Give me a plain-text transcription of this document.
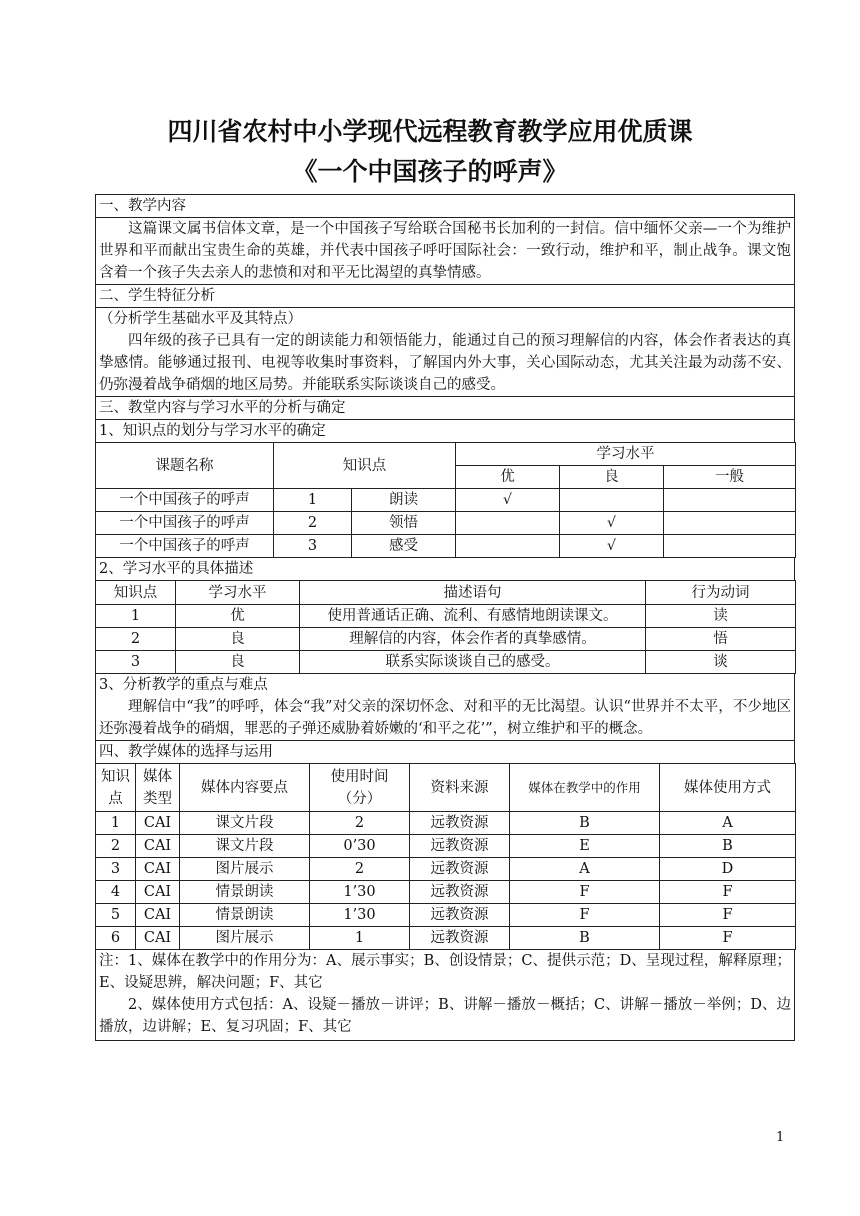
四川省农村中小学现代远程教育教学应用优质课
《一个中国孩子的呼声》
一、教学内容

这篇课文属书信体文章，是一个中国孩子写给联合国秘书长加利的一封信。信中缅怀父亲—一个为维护世界和平而献出宝贵生命的英雄，并代表中国孩子呼吁国际社会：一致行动，维护和平，制止战争。课文饱含着一个孩子失去亲人的悲愤和对和平无比渴望的真挚情感。

二、学生特征分析

（分析学生基础水平及其特点）

四年级的孩子已具有一定的朗读能力和领悟能力，能通过自己的预习理解信的内容，体会作者表达的真挚感情。能够通过报刊、电视等收集时事资料，了解国内外大事，关心国际动态，尤其关注最为动荡不安、仍弥漫着战争硝烟的地区局势。并能联系实际谈谈自己的感受。

三、教堂内容与学习水平的分析与确定
1、知识点的划分与学习水平的确定
课题名称	知识点		学习水平		
			优	良	一般
一个中国孩子的呼声	1	朗读	√		
一个中国孩子的呼声	2	领悟		√	
一个中国孩子的呼声	3	感受		√	
2、学习水平的具体描述
知识点	学习水平	描述语句	行为动词
1	优	使用普通话正确、流利、有感情地朗读课文。	读
2	良	理解信的内容，体会作者的真挚感情。	悟
3	良	联系实际谈谈自己的感受。	谈
3、分析教学的重点与难点

理解信中“我”的呼呼，体会“我”对父亲的深切怀念、对和平的无比渴望。认识“世界并不太平，不少地区还弥漫着战争的硝烟，罪恶的子弹还威胁着娇嫩的‘和平之花’”，树立维护和平的概念。

四、教学媒体的选择与运用
知识点	媒体类型	媒体内容要点	使用时间（分）	资料来源	媒体在教学中的作用	媒体使用方式
1	CAI	课文片段	2	远教资源	B	A
2	CAI	课文片段	0’30	远教资源	E	B
3	CAI	图片展示	2	远教资源	A	D
4	CAI	情景朗读	1’30	远教资源	F	F
5	CAI	情景朗读	1’30	远教资源	F	F
6	CAI	图片展示	1	远教资源	B	F

注：1、媒体在教学中的作用分为：A、展示事实；B、创设情景；C、提供示范；D、呈现过程，解释原理；E、设疑思辨，解决问题；F、其它

2、媒体使用方式包括：A、设疑－播放－讲评；B、讲解－播放－概括；C、讲解－播放－举例；D、边播放，边讲解；E、复习巩固；F、其它

1
